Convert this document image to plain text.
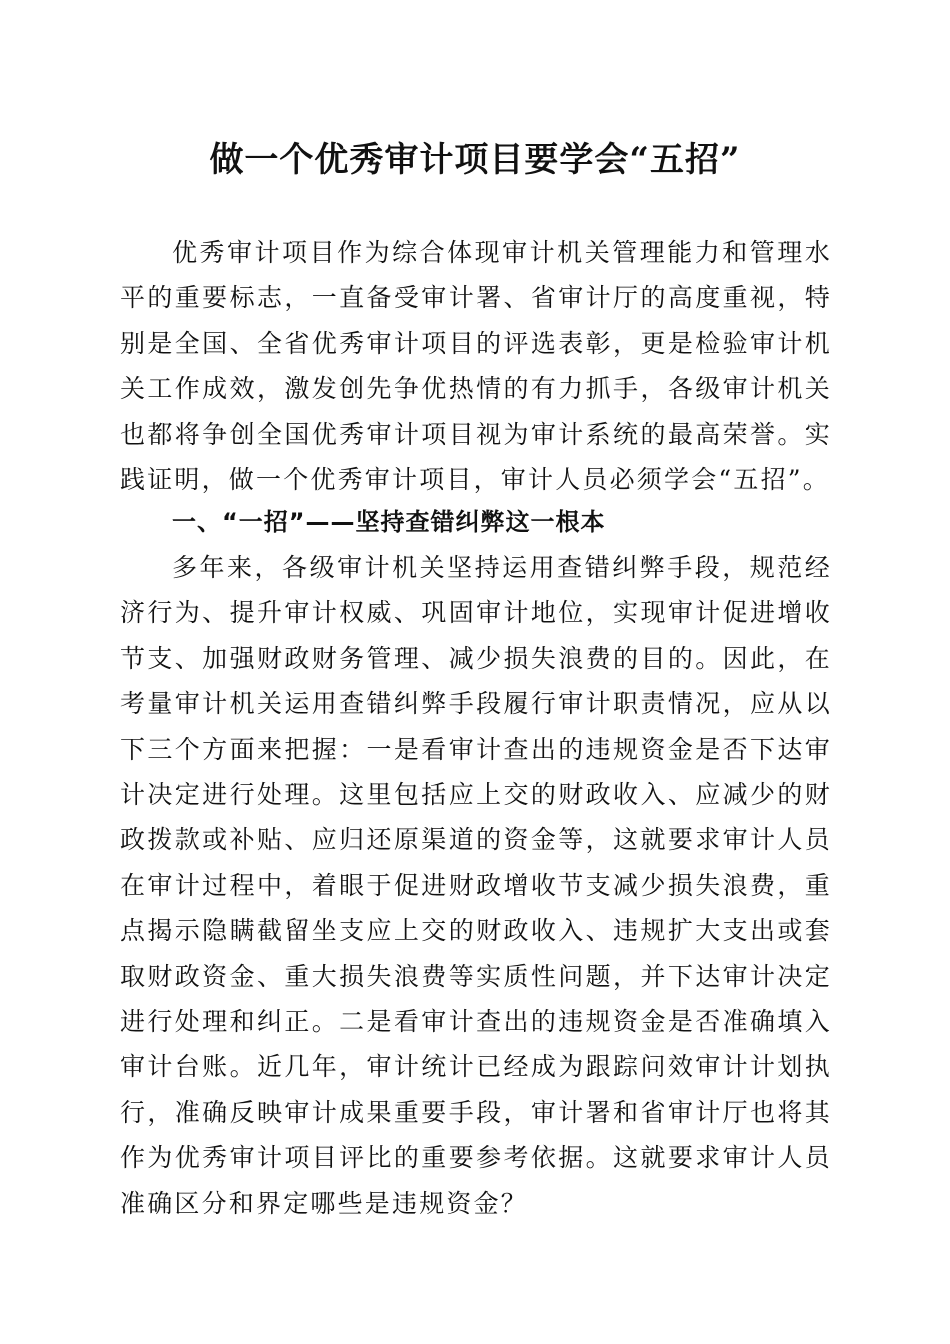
做一个优秀审计项目要学会“五招”

优秀审计项目作为综合体现审计机关管理能力和管理水平的重要标志，一直备受审计署、省审计厅的高度重视，特别是全国、全省优秀审计项目的评选表彰，更是检验审计机关工作成效，激发创先争优热情的有力抓手，各级审计机关也都将争创全国优秀审计项目视为审计系统的最高荣誉。实践证明，做一个优秀审计项目，审计人员必须学会“五招”。

一、“一招”——坚持查错纠弊这一根本

多年来，各级审计机关坚持运用查错纠弊手段，规范经济行为、提升审计权威、巩固审计地位，实现审计促进增收节支、加强财政财务管理、减少损失浪费的目的。因此，在考量审计机关运用查错纠弊手段履行审计职责情况，应从以下三个方面来把握：一是看审计查出的违规资金是否下达审计决定进行处理。这里包括应上交的财政收入、应减少的财政拨款或补贴、应归还原渠道的资金等，这就要求审计人员在审计过程中，着眼于促进财政增收节支减少损失浪费，重点揭示隐瞒截留坐支应上交的财政收入、违规扩大支出或套取财政资金、重大损失浪费等实质性问题，并下达审计决定进行处理和纠正。二是看审计查出的违规资金是否准确填入审计台账。近几年，审计统计已经成为跟踪问效审计计划执行，准确反映审计成果重要手段，审计署和省审计厅也将其作为优秀审计项目评比的重要参考依据。这就要求审计人员准确区分和界定哪些是违规资金？
